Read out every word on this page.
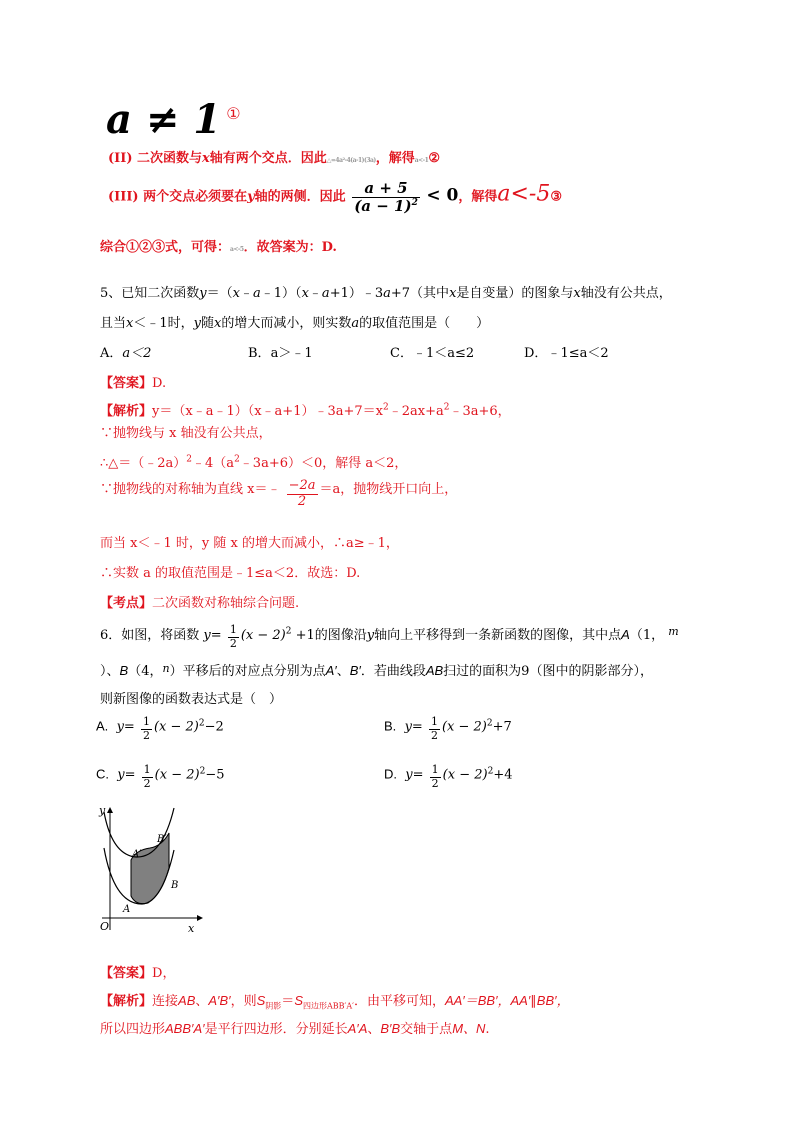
a ≠ 1 ①
(II) 二次函数与x轴有两个交点．因此△=4a²-4(a-1)(3a)，解得a<-1②
(III) 两个交点必须要在y轴的两侧．因此 $\frac{a + 5}{(a - 1)^2} < 0$，解得a<-5③
综合①②③式，可得：a<-5．故答案为：D.
5、已知二次函数y＝（x﹣a﹣1）（x﹣a+1）﹣3a+7（其中x是自变量）的图象与x轴没有公共点，
且当x＜﹣1时，y随x的增大而减小，则实数a的取值范围是（　　）
A．a＜2	B．a＞﹣1	C．﹣1＜a≤2	D．﹣1≤a＜2
【答案】D.
【解析】$y=(x﹣a﹣1)(x﹣a+1)﹣3a+7=x^2﹣2ax+a^2﹣3a+6$，
∵抛物线与 x 轴没有公共点，
$\therefore\triangle=(﹣2a)^2﹣4(a^2﹣3a+6)<0$，解得 a＜2，
∵抛物线的对称轴为直线 x＝﹣ $\frac{-2a}{2} =a$，抛物线开口向上，
而当 x＜﹣1 时，y 随 x 的增大而减小，∴a≥﹣1，
∴实数 a 的取值范围是﹣1≤a＜2．故选：D.
【考点】二次函数对称轴综合问题.
6．如图，将函数 $y= \frac{1}{2} (x - 2)^2 +1$的图像沿y轴向上平移得到一条新函数的图像，其中点A（1， $^m$
）、B（4，$^n$）平移后的对应点分别为点A′、B′．若曲线段AB扫过的面积为9（图中的阴影部分），
则新图像的函数表达式是（　）
A. $y= \frac{1}{2} (x - 2)^2-2$	B. $y= \frac{1}{2} (x - 2)^2+7$
C. $y= \frac{1}{2} (x - 2)^2-5$	D. $y= \frac{1}{2} (x - 2)^2+4$
y
x
O
A
B
A′
B′
【答案】D，
【解析】连接AB、A′B′，则$S_{阴影}=S_{四边形ABB'A'}$．由平移可知，AA′＝BB′，AA′∥BB′，
所以四边形ABB′A′是平行四边形．分别延长A′A、B′B交轴于点M、N.
